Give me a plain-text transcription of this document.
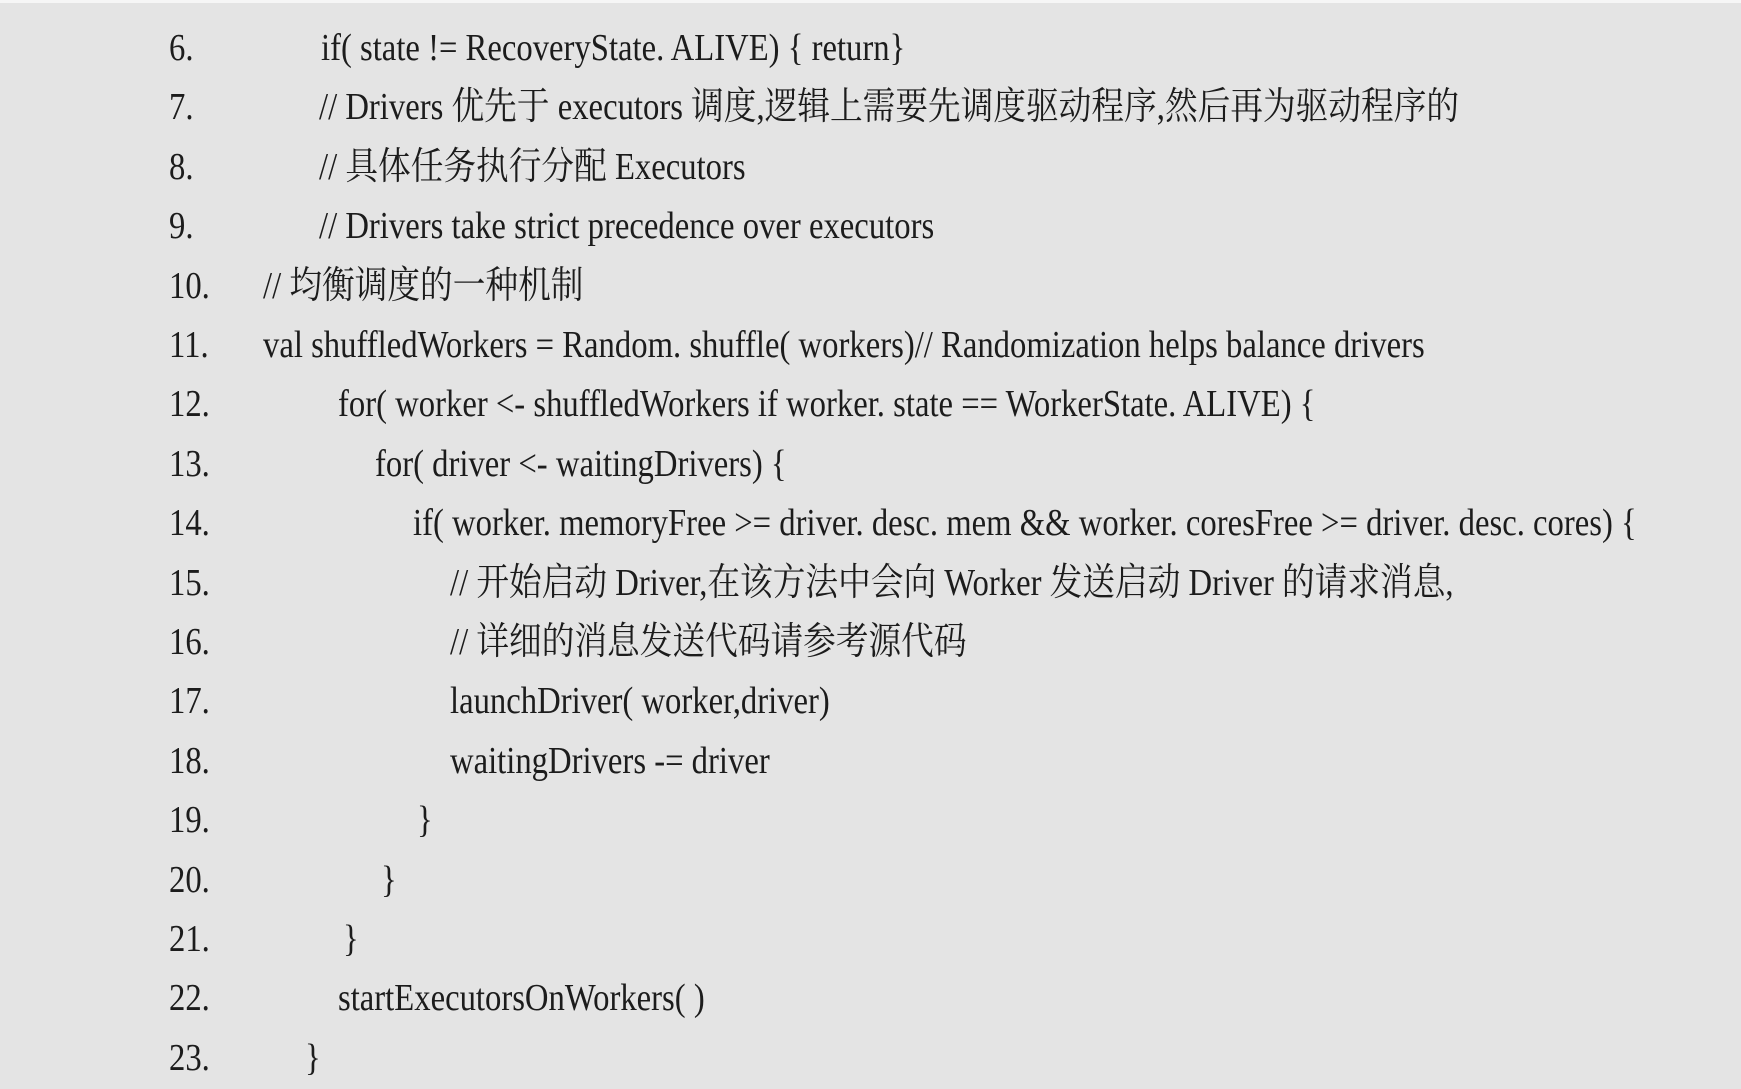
6.	if( state != RecoveryState. ALIVE) { return}
7.	// Drivers 优先于 executors 调度,逻辑上需要先调度驱动程序,然后再为驱动程序的
8.	// 具体任务执行分配 Executors
9.	// Drivers take strict precedence over executors
10. // 均衡调度的一种机制
11. val shuffledWorkers = Random. shuffle( workers)// Randomization helps balance drivers
12.	for( worker <- shuffledWorkers if worker. state == WorkerState. ALIVE) {
13.	for( driver <- waitingDrivers) {
14.	if( worker. memoryFree >= driver. desc. mem && worker. coresFree >= driver. desc. cores) {
15.	// 开始启动 Driver,在该方法中会向 Worker 发送启动 Driver 的请求消息,
16.	// 详细的消息发送代码请参考源代码
17.	launchDriver( worker,driver)
18.	waitingDrivers -= driver
19.	}
20.	}
21.	}
22.	startExecutorsOnWorkers( )
23.	}
